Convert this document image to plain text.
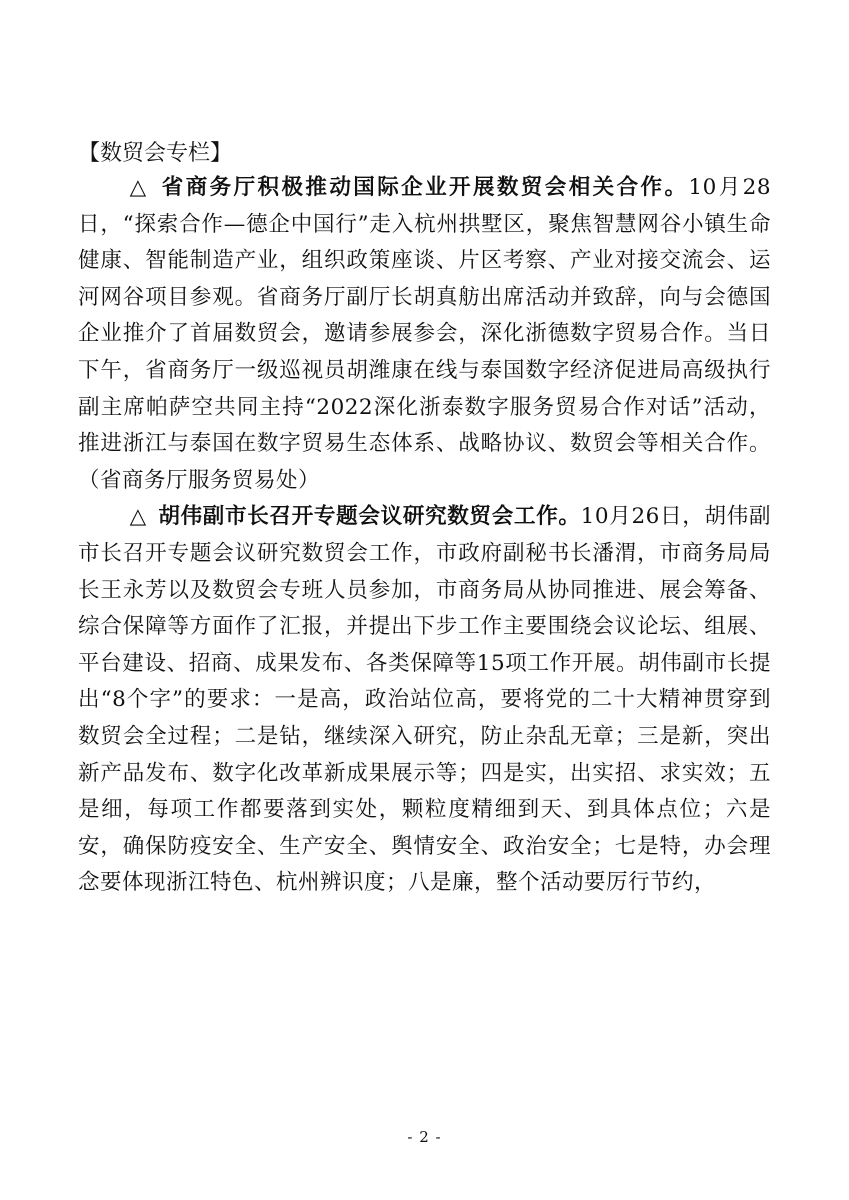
【数贸会专栏】

△  省商务厅积极推动国际企业开展数贸会相关合作。10月28日，“探索合作—德企中国行”走入杭州拱墅区，聚焦智慧网谷小镇生命健康、智能制造产业，组织政策座谈、片区考察、产业对接交流会、运河网谷项目参观。省商务厅副厅长胡真舫出席活动并致辞，向与会德国企业推介了首届数贸会，邀请参展参会，深化浙德数字贸易合作。当日下午，省商务厅一级巡视员胡潍康在线与泰国数字经济促进局高级执行副主席帕萨空共同主持“2022深化浙泰数字服务贸易合作对话”活动，推进浙江与泰国在数字贸易生态体系、战略协议、数贸会等相关合作。（省商务厅服务贸易处）

△  胡伟副市长召开专题会议研究数贸会工作。10月26日，胡伟副市长召开专题会议研究数贸会工作，市政府副秘书长潘渭，市商务局局长王永芳以及数贸会专班人员参加，市商务局从协同推进、展会筹备、综合保障等方面作了汇报，并提出下步工作主要围绕会议论坛、组展、平台建设、招商、成果发布、各类保障等15项工作开展。胡伟副市长提出“8个字”的要求：一是高，政治站位高，要将党的二十大精神贯穿到数贸会全过程；二是钻，继续深入研究，防止杂乱无章；三是新，突出新产品发布、数字化改革新成果展示等；四是实，出实招、求实效；五是细，每项工作都要落到实处，颗粒度精细到天、到具体点位；六是安，确保防疫安全、生产安全、舆情安全、政治安全；七是特，办会理念要体现浙江特色、杭州辨识度；八是廉，整个活动要厉行节约，

- 2 -
